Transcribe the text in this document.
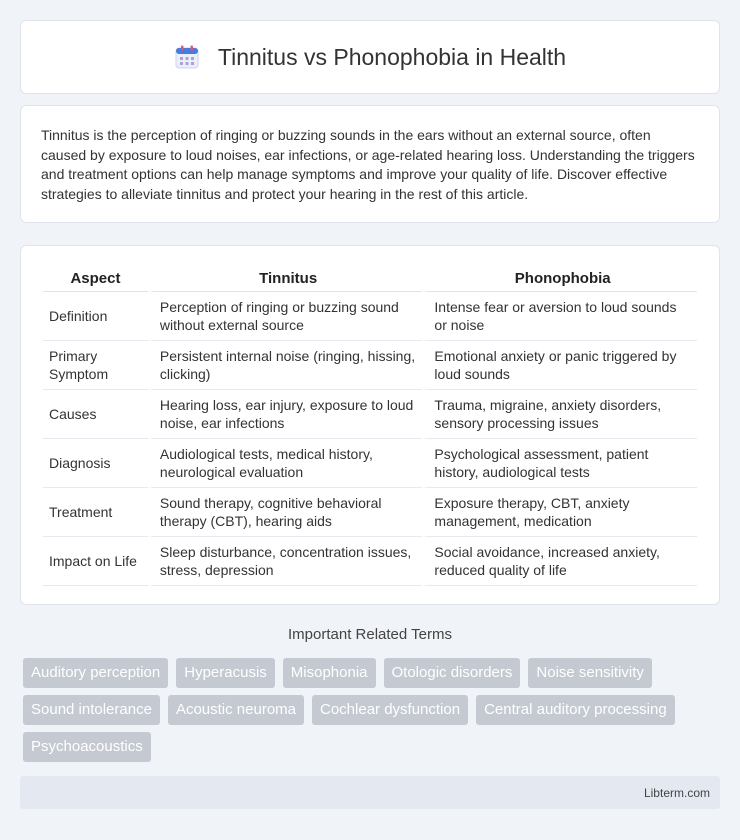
Tinnitus vs Phonophobia in Health

Tinnitus is the perception of ringing or buzzing sounds in the ears without an external source, often caused by exposure to loud noises, ear infections, or age-related hearing loss. Understanding the triggers and treatment options can help manage symptoms and improve your quality of life. Discover effective strategies to alleviate tinnitus and protect your hearing in the rest of this article.

Aspect	Tinnitus	Phonophobia
Definition	Perception of ringing or buzzing sound without external source	Intense fear or aversion to loud sounds or noise
Primary Symptom	Persistent internal noise (ringing, hissing, clicking)	Emotional anxiety or panic triggered by loud sounds
Causes	Hearing loss, ear injury, exposure to loud noise, ear infections	Trauma, migraine, anxiety disorders, sensory processing issues
Diagnosis	Audiological tests, medical history, neurological evaluation	Psychological assessment, patient history, audiological tests
Treatment	Sound therapy, cognitive behavioral therapy (CBT), hearing aids	Exposure therapy, CBT, anxiety management, medication
Impact on Life	Sleep disturbance, concentration issues, stress, depression	Social avoidance, increased anxiety, reduced quality of life
Important Related Terms
Auditory perception	Hyperacusis	Misophonia	Otologic disorders	Noise sensitivity
Sound intolerance	Acoustic neuroma	Cochlear dysfunction	Central auditory processing
Psychoacoustics
Libterm.com
